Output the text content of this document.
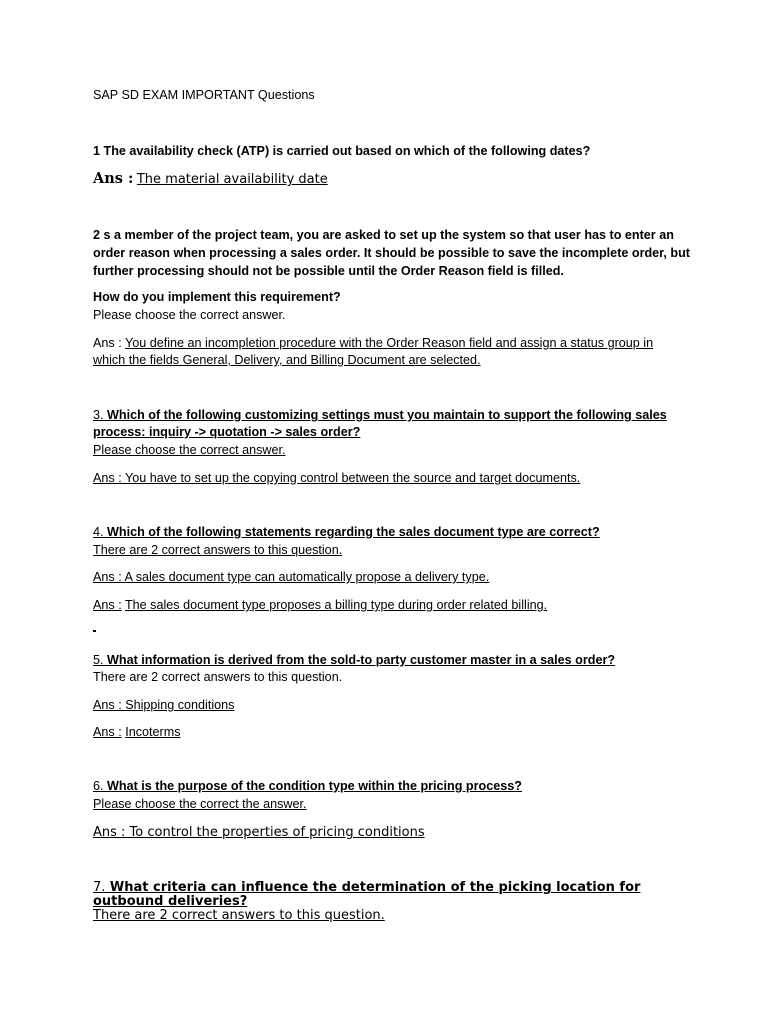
SAP SD EXAM IMPORTANT Questions

1 The availability check (ATP) is carried out based on which of the following dates?

Ans : The material availability date

2 s a member of the project team, you are asked to set up the system so that user has to enter an

order reason when processing a sales order. It should be possible to save the incomplete order, but

further processing should not be possible until the Order Reason field is filled.

How do you implement this requirement?

Please choose the correct answer.

Ans : You define an incompletion procedure with the Order Reason field and assign a status group in

which the fields General, Delivery, and Billing Document are selected.

3. Which of the following customizing settings must you maintain to support the following sales

process: inquiry -> quotation -> sales order?

Please choose the correct answer.

Ans : You have to set up the copying control between the source and target documents.

4. Which of the following statements regarding the sales document type are correct?

There are 2 correct answers to this question.

Ans : A sales document type can automatically propose a delivery type.

Ans : The sales document type proposes a billing type during order related billing.

5. What information is derived from the sold-to party customer master in a sales order?

There are 2 correct answers to this question.

Ans : Shipping conditions

Ans : Incoterms

6. What is the purpose of the condition type within the pricing process?

Please choose the correct the answer.

Ans : To control the properties of pricing conditions

7. What criteria can influence the determination of the picking location for

outbound deliveries?

There are 2 correct answers to this question.
